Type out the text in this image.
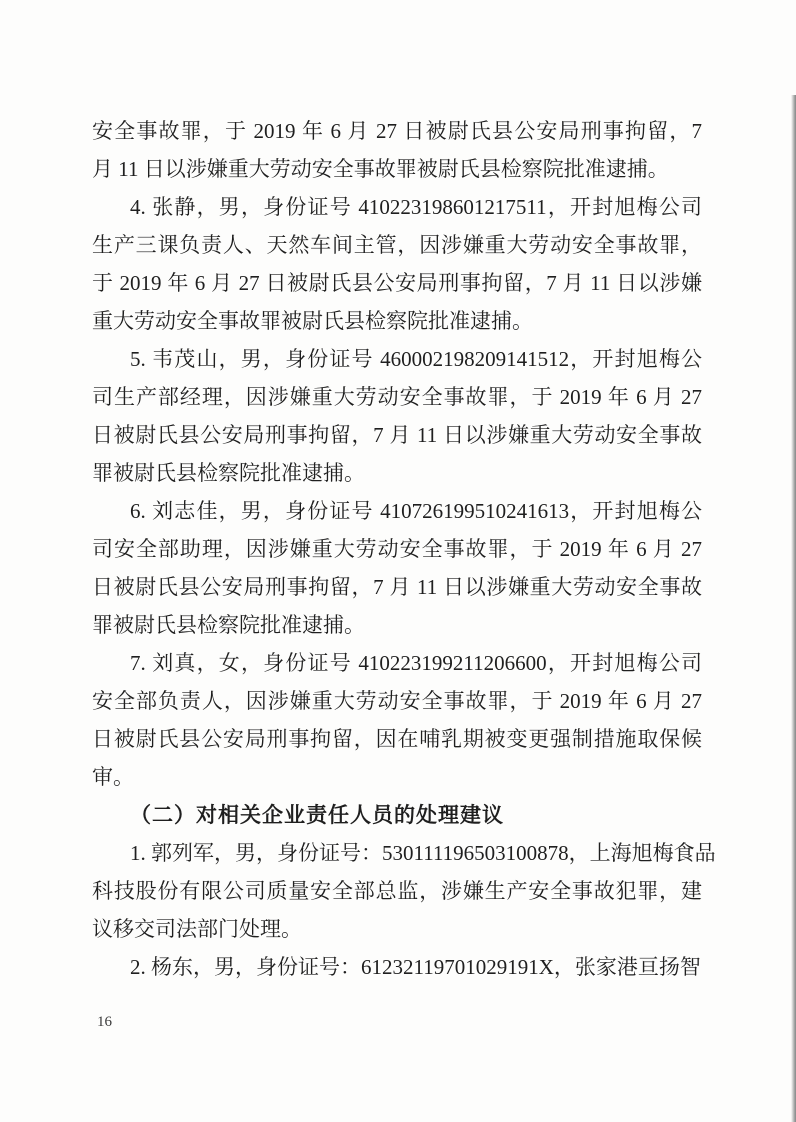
安全事故罪，于 2019 年 6 月 27 日被尉氏县公安局刑事拘留，7
月 11 日以涉嫌重大劳动安全事故罪被尉氏县检察院批准逮捕。
4. 张静，男，身份证号 410223198601217511，开封旭梅公司
生产三课负责人、天然车间主管，因涉嫌重大劳动安全事故罪，
于 2019 年 6 月 27 日被尉氏县公安局刑事拘留，7 月 11 日以涉嫌
重大劳动安全事故罪被尉氏县检察院批准逮捕。
5. 韦茂山，男，身份证号 460002198209141512，开封旭梅公
司生产部经理，因涉嫌重大劳动安全事故罪，于 2019 年 6 月 27
日被尉氏县公安局刑事拘留，7 月 11 日以涉嫌重大劳动安全事故
罪被尉氏县检察院批准逮捕。
6. 刘志佳，男，身份证号 410726199510241613，开封旭梅公
司安全部助理，因涉嫌重大劳动安全事故罪，于 2019 年 6 月 27
日被尉氏县公安局刑事拘留，7 月 11 日以涉嫌重大劳动安全事故
罪被尉氏县检察院批准逮捕。
7. 刘真，女，身份证号 410223199211206600，开封旭梅公司
安全部负责人，因涉嫌重大劳动安全事故罪，于 2019 年 6 月 27
日被尉氏县公安局刑事拘留，因在哺乳期被变更强制措施取保候
审。
（二）对相关企业责任人员的处理建议
1. 郭列军，男，身份证号：530111196503100878，上海旭梅食品
科技股份有限公司质量安全部总监，涉嫌生产安全事故犯罪，建
议移交司法部门处理。
2. 杨东，男，身份证号：61232119701029191X，张家港亘扬智
16
